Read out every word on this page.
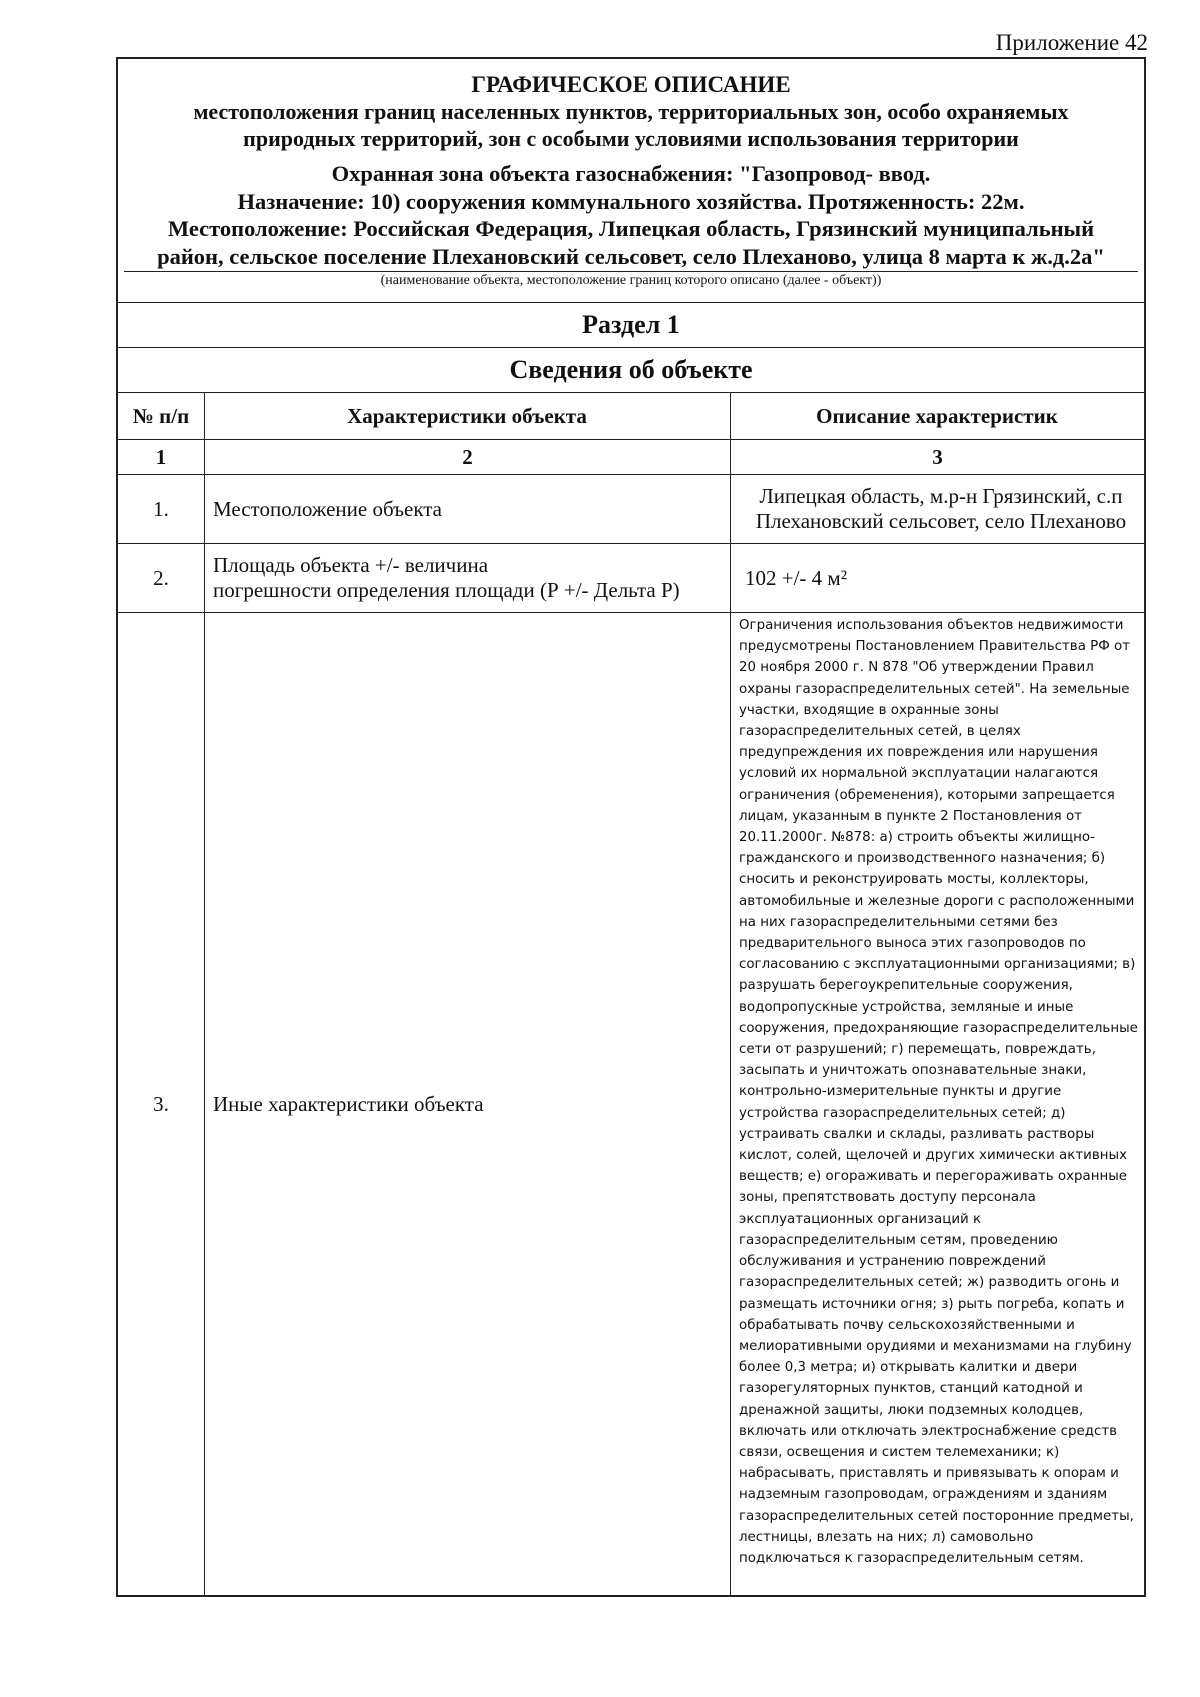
Приложение 42
ГРАФИЧЕСКОЕ ОПИСАНИЕ
местоположения границ населенных пунктов, территориальных зон, особо охраняемых
природных территорий, зон с особыми условиями использования территории
Охранная зона объекта газоснабжения: "Газопровод- ввод.
Назначение: 10) сооружения коммунального хозяйства. Протяженность: 22м.
Местоположение: Российская Федерация, Липецкая область, Грязинский муниципальный
район, сельское поселение Плехановский сельсовет, село Плеханово, улица 8 марта к ж.д.2а"
(наименование объекта, местоположение границ которого описано (далее - объект))
Раздел 1
Сведения об объекте
№ п/п	Характеристики объекта	Описание характеристик
1	2	3
1.	Местоположение объекта	Липецкая область, м.р-н Грязинский, с.п
Плехановский сельсовет, село Плеханово

2.	Площадь объекта +/- величина
погрешности определения площади (Р +/- Дельта Р)	102 +/- 4 м²
3.	Иные характеристики объекта	Ограничения использования объектов недвижимости предусмотрены Постановлением Правительства РФ от 20 ноября 2000 г. N 878 "Об утверждении Правил охраны газораспределительных сетей". На земельные участки, входящие в охранные зоны газораспределительных сетей, в целях предупреждения их повреждения или нарушения условий их нормальной эксплуатации налагаются ограничения (обременения), которыми запрещается лицам, указанным в пункте 2 Постановления от 20.11.2000г. №878: а) строить объекты жилищно-гражданского и производственного назначения; б) сносить и реконструировать мосты, коллекторы, автомобильные и железные дороги с расположенными на них газораспределительными сетями без предварительного выноса этих газопроводов по согласованию с эксплуатационными организациями; в) разрушать берегоукрепительные сооружения, водопропускные устройства, земляные и иные сооружения, предохраняющие газораспределительные сети от разрушений; г) перемещать, повреждать, засыпать и уничтожать опознавательные знаки, контрольно-измерительные пункты и другие устройства газораспределительных сетей; д) устраивать свалки и склады, разливать растворы кислот, солей, щелочей и других химически активных веществ; е) огораживать и перегораживать охранные зоны, препятствовать доступу персонала эксплуатационных организаций к газораспределительным сетям, проведению обслуживания и устранению повреждений газораспределительных сетей; ж) разводить огонь и размещать источники огня; з) рыть погреба, копать и обрабатывать почву сельскохозяйственными и мелиоративными орудиями и механизмами на глубину более 0,3 метра; и) открывать калитки и двери газорегуляторных пунктов, станций катодной и дренажной защиты, люки подземных колодцев, включать или отключать электроснабжение средств связи, освещения и систем телемеханики; к) набрасывать, приставлять и привязывать к опорам и надземным газопроводам, ограждениям и зданиям газораспределительных сетей посторонние предметы, лестницы, влезать на них; л) самовольно подключаться к газораспределительным сетям.
